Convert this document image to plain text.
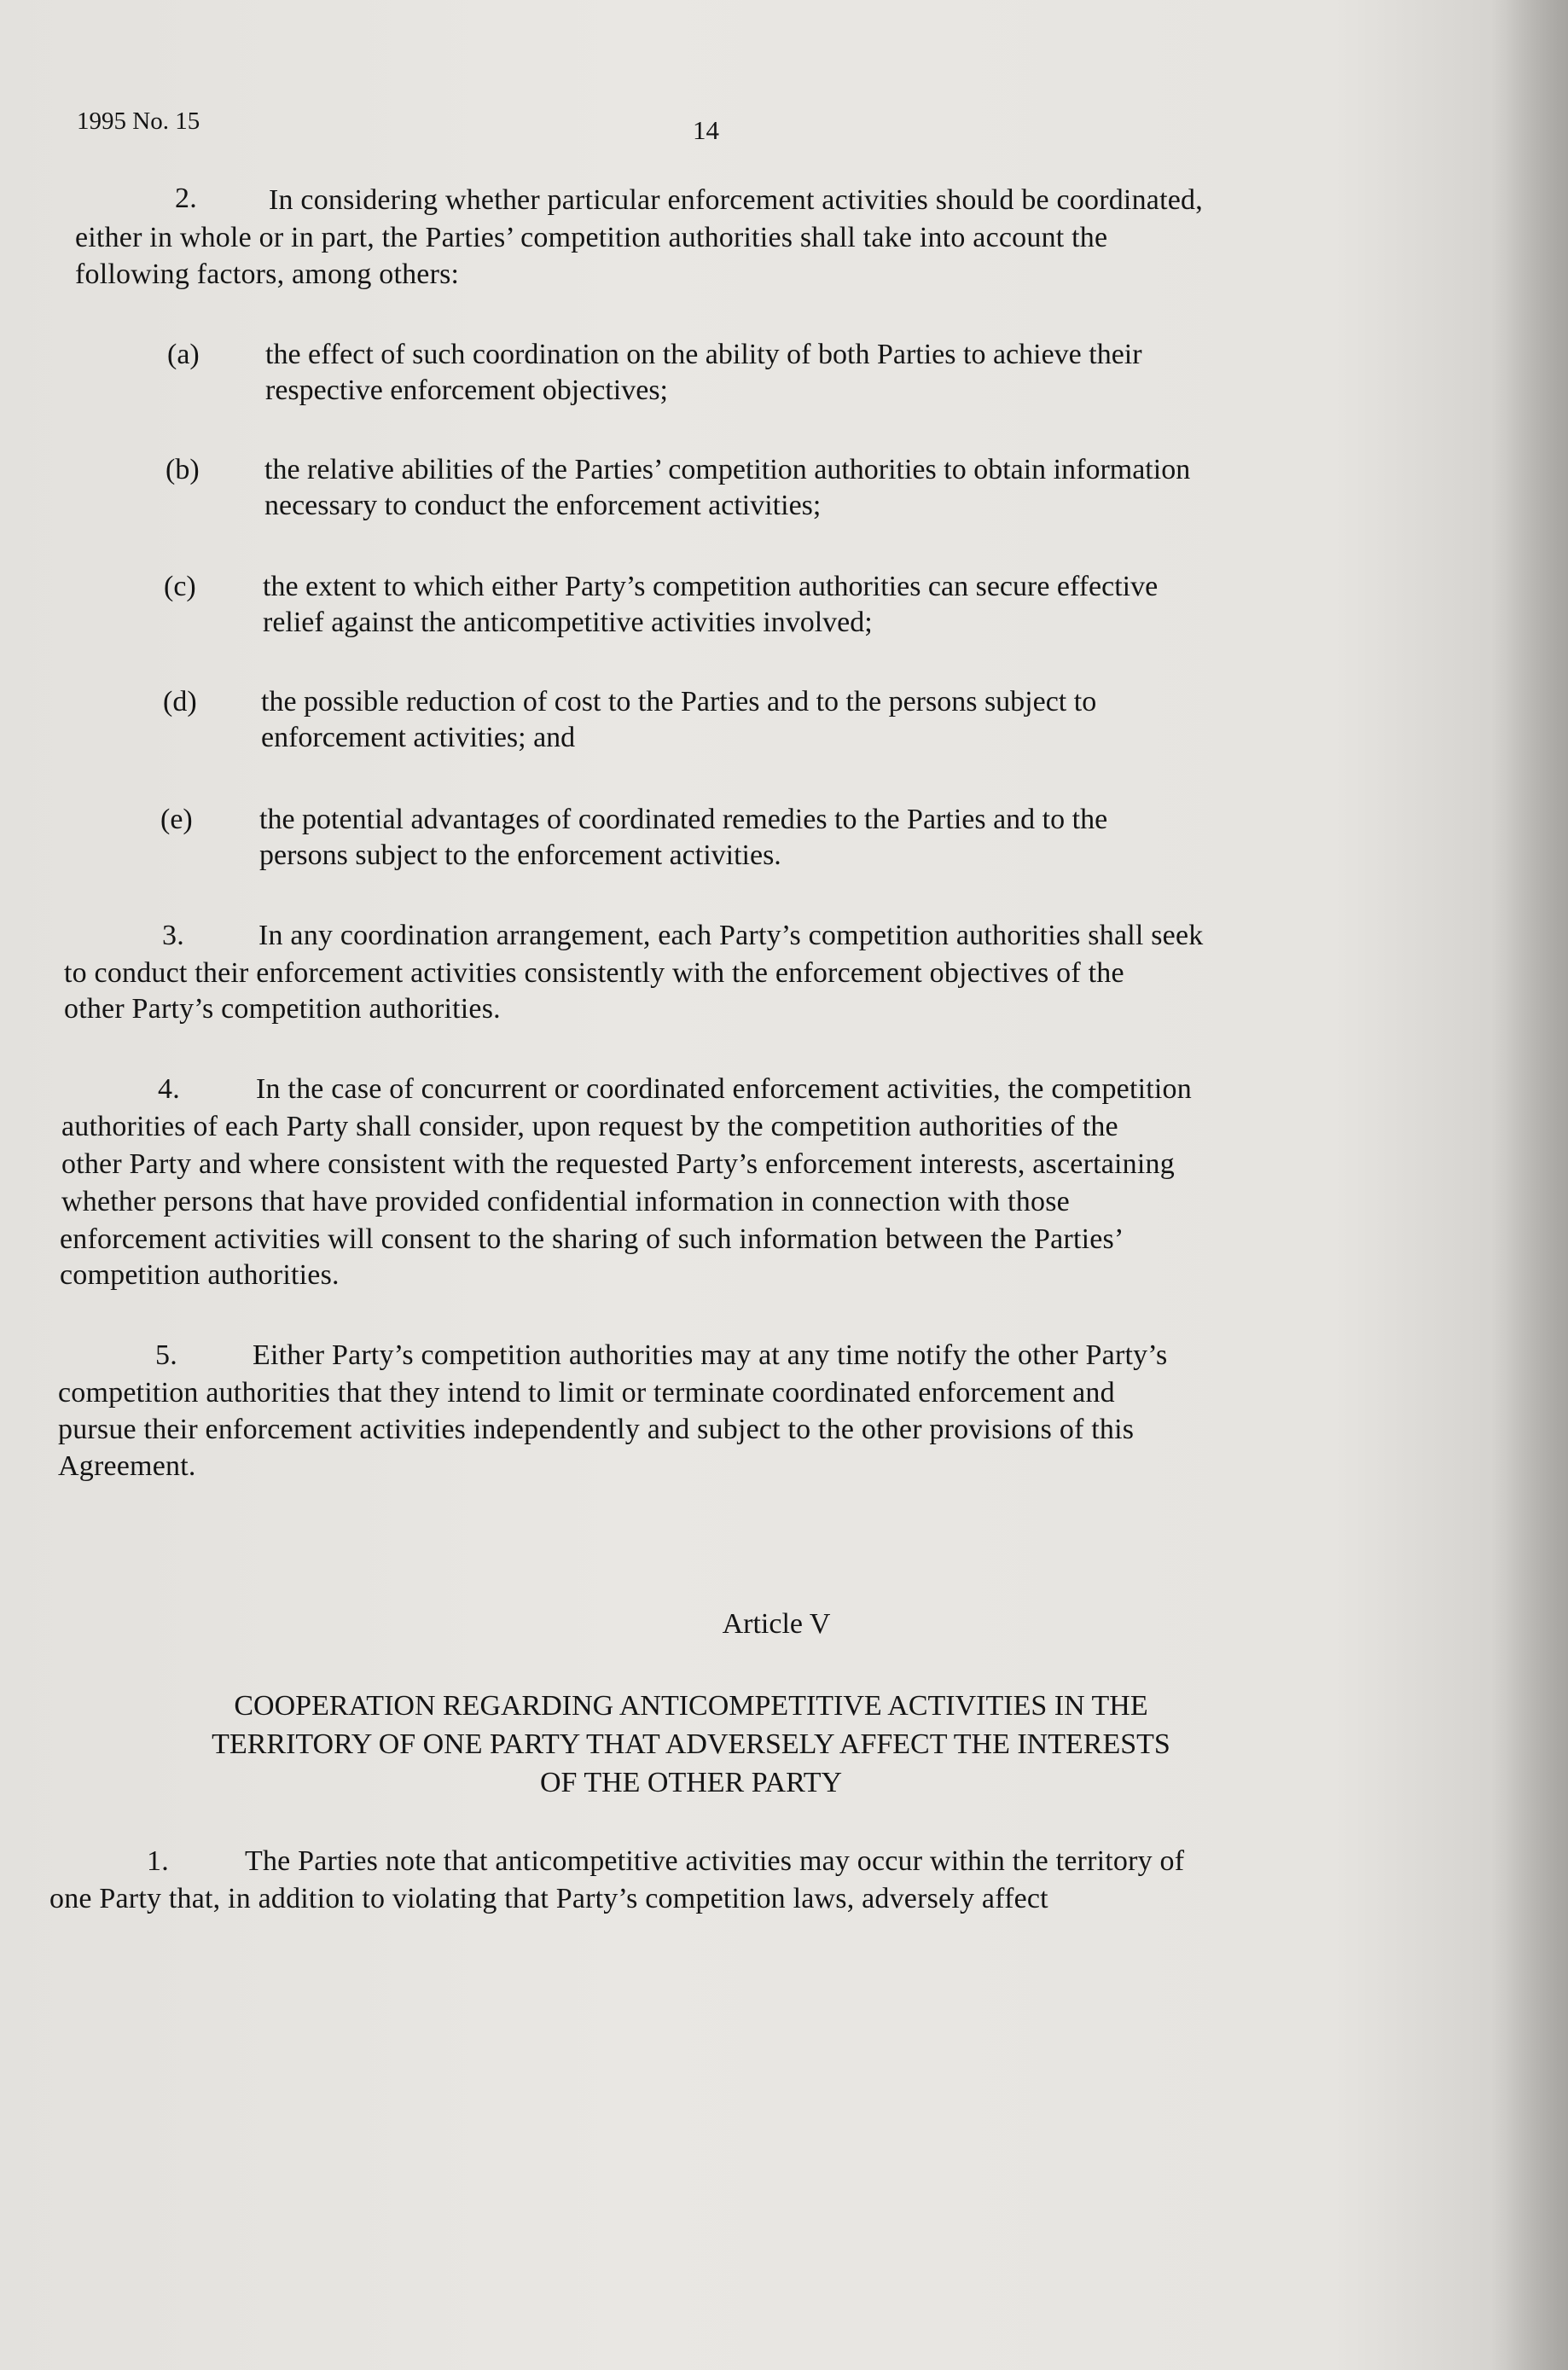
1995 No. 15	14
2. In considering whether particular enforcement activities should be coordinated,
either in whole or in part, the Parties’ competition authorities shall take into account the
following factors, among others:
(a) the effect of such coordination on the ability of both Parties to achieve their
respective enforcement objectives;
(b) the relative abilities of the Parties’ competition authorities to obtain information
necessary to conduct the enforcement activities;
(c) the extent to which either Party’s competition authorities can secure effective
relief against the anticompetitive activities involved;
(d) the possible reduction of cost to the Parties and to the persons subject to
enforcement activities; and
(e) the potential advantages of coordinated remedies to the Parties and to the
persons subject to the enforcement activities.
3.	In any coordination arrangement, each Party’s competition authorities shall seek
to conduct their enforcement activities consistently with the enforcement objectives of the
other Party’s competition authorities.
4.	In the case of concurrent or coordinated enforcement activities, the competition
authorities of each Party shall consider, upon request by the competition authorities of the
other Party and where consistent with the requested Party’s enforcement interests, ascertaining
whether persons that have provided confidential information in connection with those
enforcement activities will consent to the sharing of such information between the Parties’
competition authorities.
5.	Either Party’s competition authorities may at any time notify the other Party’s
competition authorities that they intend to limit or terminate coordinated enforcement and
pursue their enforcement activities independently and subject to the other provisions of this
Agreement.
Article V
COOPERATION REGARDING ANTICOMPETITIVE ACTIVITIES IN THE
TERRITORY OF ONE PARTY THAT ADVERSELY AFFECT THE INTERESTS
OF THE OTHER PARTY
1.	The Parties note that anticompetitive activities may occur within the territory of
one Party that, in addition to violating that Party’s competition laws, adversely affect
